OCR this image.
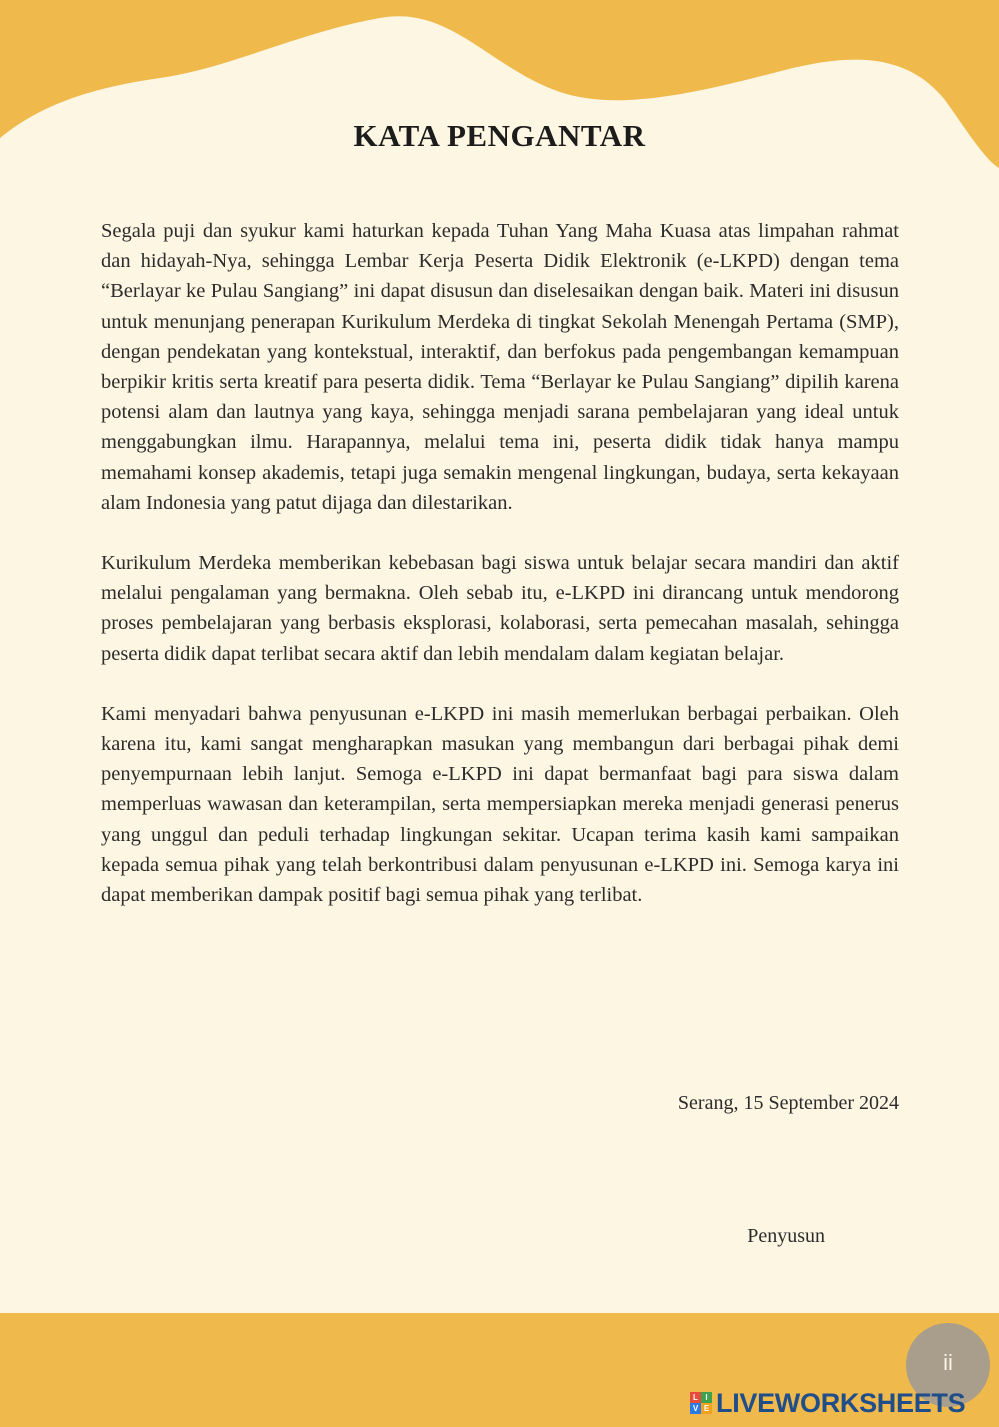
KATA PENGANTAR

Segala puji dan syukur kami haturkan kepada Tuhan Yang Maha Kuasa atas limpahan rahmat dan hidayah-Nya, sehingga Lembar Kerja Peserta Didik Elektronik (e-LKPD) dengan tema “Berlayar ke Pulau Sangiang” ini dapat disusun dan diselesaikan dengan baik. Materi ini disusun untuk menunjang penerapan Kurikulum Merdeka di tingkat Sekolah Menengah Pertama (SMP), dengan pendekatan yang kontekstual, interaktif, dan berfokus pada pengembangan kemampuan berpikir kritis serta kreatif para peserta didik. Tema “Berlayar ke Pulau Sangiang” dipilih karena potensi alam dan lautnya yang kaya, sehingga menjadi sarana pembelajaran yang ideal untuk menggabungkan ilmu. Harapannya, melalui tema ini, peserta didik tidak hanya mampu memahami konsep akademis, tetapi juga semakin mengenal lingkungan, budaya, serta kekayaan alam Indonesia yang patut dijaga dan dilestarikan.

Kurikulum Merdeka memberikan kebebasan bagi siswa untuk belajar secara mandiri dan aktif melalui pengalaman yang bermakna. Oleh sebab itu, e-LKPD ini dirancang untuk mendorong proses pembelajaran yang berbasis eksplorasi, kolaborasi, serta pemecahan masalah, sehingga peserta didik dapat terlibat secara aktif dan lebih mendalam dalam kegiatan belajar.

Kami menyadari bahwa penyusunan e-LKPD ini masih memerlukan berbagai perbaikan. Oleh karena itu, kami sangat mengharapkan masukan yang membangun dari berbagai pihak demi penyempurnaan lebih lanjut. Semoga e-LKPD ini dapat bermanfaat bagi para siswa dalam memperluas wawasan dan keterampilan, serta mempersiapkan mereka menjadi generasi penerus yang unggul dan peduli terhadap lingkungan sekitar. Ucapan terima kasih kami sampaikan kepada semua pihak yang telah berkontribusi dalam penyusunan e-LKPD ini. Semoga karya ini dapat memberikan dampak positif bagi semua pihak yang terlibat.

Serang, 15 September 2024
Penyusun
ii
L I
V E LIVEWORKSHEETS
